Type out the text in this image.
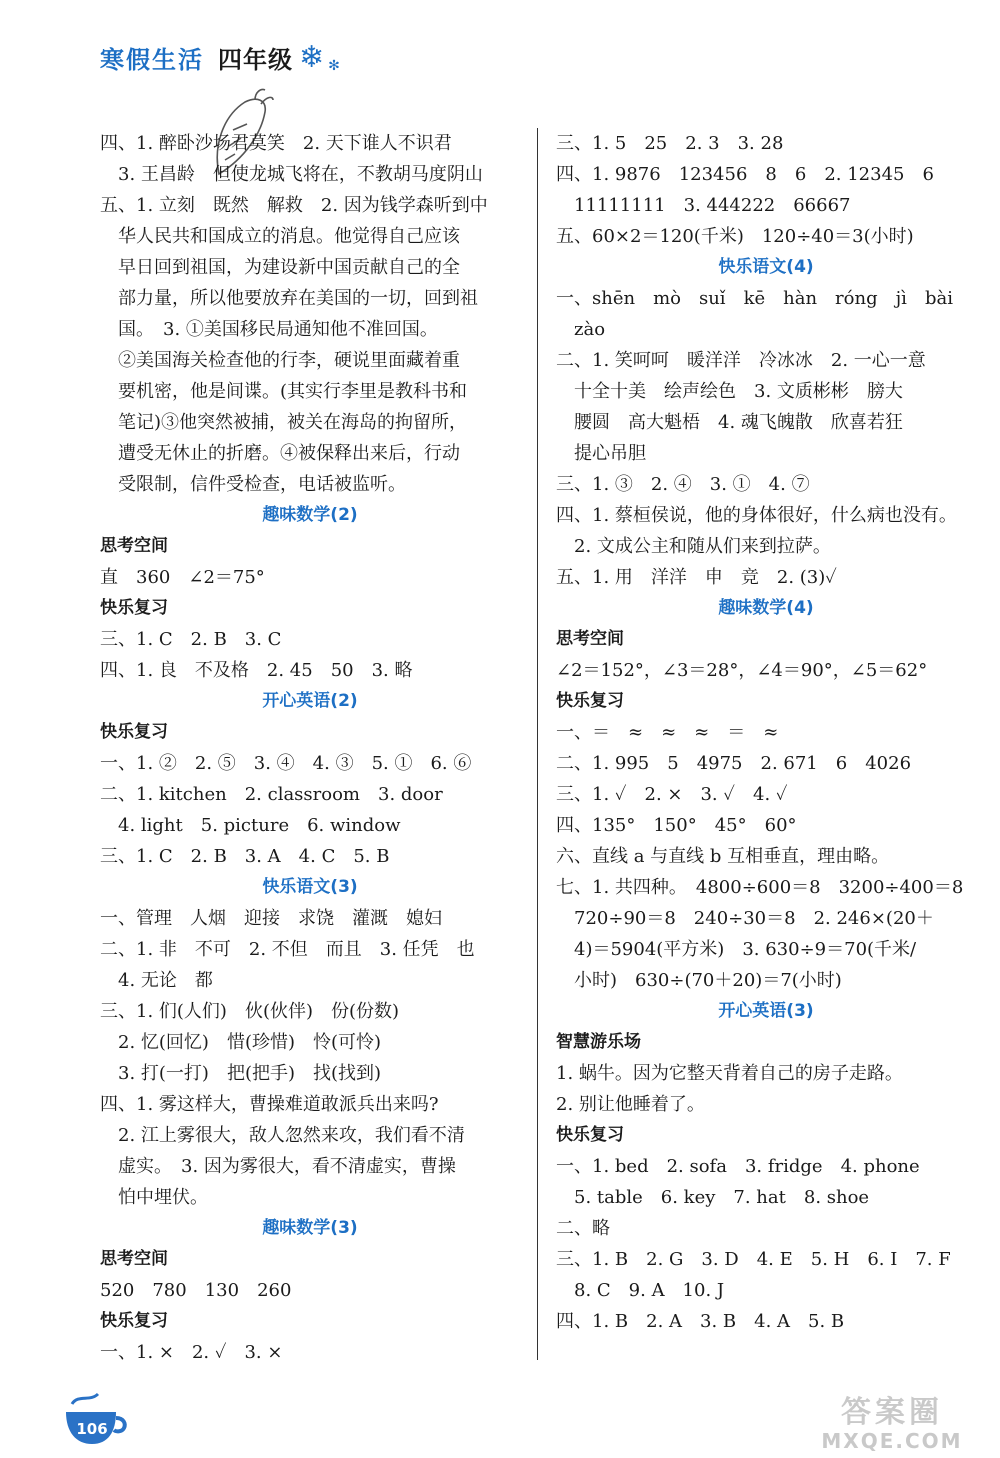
寒假生活 四年级 ❄ ✻
四、1. 醉卧沙场君莫笑　2. 天下谁人不识君
　3. 王昌龄　但使龙城飞将在，不教胡马度阴山
五、1. 立刻　既然　解救　2. 因为钱学森听到中
　华人民共和国成立的消息。他觉得自己应该
　早日回到祖国，为建设新中国贡献自己的全
　部力量，所以他要放弃在美国的一切，回到祖
　国。　3. ①美国移民局通知他不准回国。
　②美国海关检查他的行李，硬说里面藏着重
　要机密，他是间谍。(其实行李里是教科书和
　笔记)③他突然被捕，被关在海岛的拘留所，
　遭受无休止的折磨。④被保释出来后，行动
　受限制，信件受检查，电话被监听。
趣味数学(2)
思考空间
直　360　∠2＝75°
快乐复习
三、1. C　2. B　3. C
四、1. 良　不及格　2. 45　50　3. 略
开心英语(2)
快乐复习
一、1. ②　2. ⑤　3. ④　4. ③　5. ①　6. ⑥
二、1. kitchen　2. classroom　3. door
　4. light　5. picture　6. window
三、1. C　2. B　3. A　4. C　5. B
快乐语文(3)
一、管理　人烟　迎接　求饶　灌溉　媳妇
二、1. 非　不可　2. 不但　而且　3. 任凭　也
　4. 无论　都
三、1. 们(人们)　伙(伙伴)　份(份数)
　2. 忆(回忆)　惜(珍惜)　怜(可怜)
　3. 打(一打)　把(把手)　找(找到)
四、1. 雾这样大，曹操难道敢派兵出来吗?
　2. 江上雾很大，敌人忽然来攻，我们看不清
　虚实。　3. 因为雾很大，看不清虚实，曹操
　怕中埋伏。
趣味数学(3)
思考空间
520　780　130　260
快乐复习
一、1. ×　2. ✓　3. ×
三、1. 5　25　2. 3　3. 28
四、1. 9876　123456　8　6　2. 12345　6
　11111111　3. 444222　66667
五、60×2＝120(千米)　120÷40＝3(小时)
快乐语文(4)
一、shēn　mò　suǐ　kē　hàn　róng　jì　bài
　zào
二、1. 笑呵呵　暖洋洋　冷冰冰　2. 一心一意
　十全十美　绘声绘色　3. 文质彬彬　膀大
　腰圆　高大魁梧　4. 魂飞魄散　欣喜若狂
　提心吊胆
三、1. ③　2. ④　3. ①　4. ⑦
四、1. 蔡桓侯说，他的身体很好，什么病也没有。
　2. 文成公主和随从们来到拉萨。
五、1. 用　洋洋　申　竞　2. (3)✓
趣味数学(4)
思考空间
∠2＝152°，∠3＝28°，∠4＝90°，∠5＝62°
快乐复习
一、＝　≈　≈　≈　＝　≈
二、1. 995　5　4975　2. 671　6　4026
三、1. ✓　2. ×　3. ✓　4. ✓
四、135°　150°　45°　60°
六、直线 a 与直线 b 互相垂直，理由略。
七、1. 共四种。　4800÷600＝8　3200÷400＝8
　720÷90＝8　240÷30＝8　2. 246×(20＋
　4)＝5904(平方米)　3. 630÷9＝70(千米/
　小时)　630÷(70＋20)＝7(小时)
开心英语(3)
智慧游乐场
1. 蜗牛。因为它整天背着自己的房子走路。
2. 别让他睡着了。
快乐复习
一、1. bed　2. sofa　3. fridge　4. phone
　5. table　6. key　7. hat　8. shoe
二、略
三、1. B　2. G　3. D　4. E　5. H　6. I　7. F
　8. C　9. A　10. J
四、1. B　2. A　3. B　4. A　5. B
106	答案圈
MXQE.COM
